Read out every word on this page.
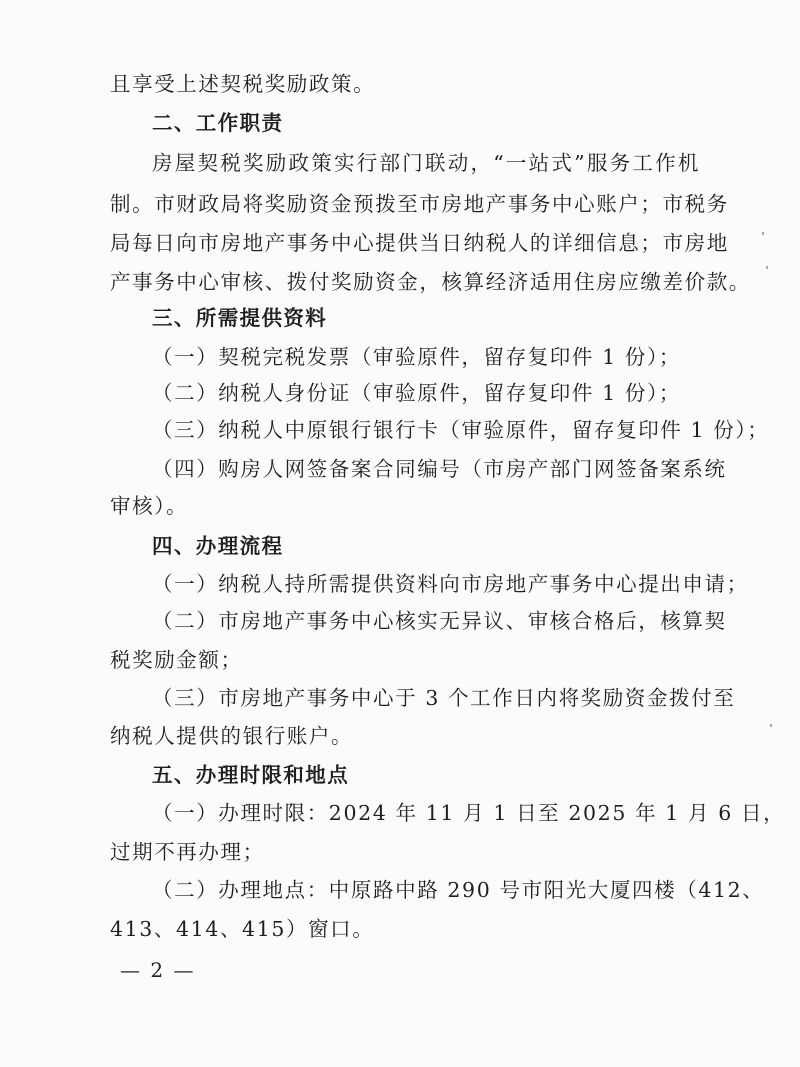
且享受上述契税奖励政策。
二、工作职责
房屋契税奖励政策实行部门联动，“一站式”服务工作机
制。市财政局将奖励资金预拨至市房地产事务中心账户；市税务
局每日向市房地产事务中心提供当日纳税人的详细信息；市房地
产事务中心审核、拨付奖励资金，核算经济适用住房应缴差价款。
三、所需提供资料
（一）契税完税发票（审验原件，留存复印件 1 份）；
（二）纳税人身份证（审验原件，留存复印件 1 份）；
（三）纳税人中原银行银行卡（审验原件，留存复印件 1 份）；
（四）购房人网签备案合同编号（市房产部门网签备案系统
审核）。
四、办理流程
（一）纳税人持所需提供资料向市房地产事务中心提出申请；
（二）市房地产事务中心核实无异议、审核合格后，核算契
税奖励金额；
（三）市房地产事务中心于 3 个工作日内将奖励资金拨付至
纳税人提供的银行账户。
五、办理时限和地点
（一）办理时限：2024 年 11 月 1 日至 2025 年 1 月 6 日，
过期不再办理；
（二）办理地点：中原路中路 290 号市阳光大厦四楼（412、
413、414、415）窗口。
— 2 —
